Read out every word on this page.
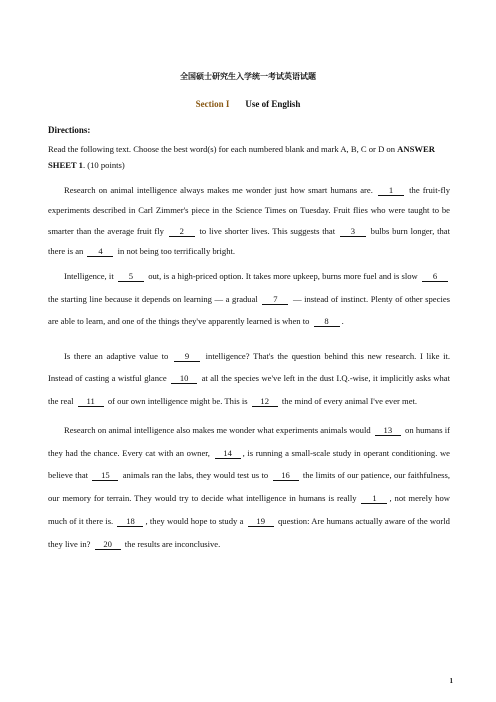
全国硕士研究生入学统一考试英语试题
Section I Use of English
Directions:
Read the following text. Choose the best word(s) for each numbered blank and mark A, B, C or D on ANSWER SHEET 1. (10 points)

Research on animal intelligence always makes me wonder just how smart humans are. 1 the fruit-fly experiments described in Carl Zimmer's piece in the Science Times on Tuesday. Fruit flies who were taught to be smarter than the average fruit fly 2 to live shorter lives. This suggests that 3 bulbs burn longer, that there is an 4 in not being too terrifically bright.

Intelligence, it 5 out, is a high-priced option. It takes more upkeep, burns more fuel and is slow 6 the starting line because it depends on learning — a gradual 7 — instead of instinct. Plenty of other species are able to learn, and one of the things they've apparently learned is when to 8 .

Is there an adaptive value to 9 intelligence? That's the question behind this new research. I like it. Instead of casting a wistful glance 10 at all the species we've left in the dust I.Q.-wise, it implicitly asks what the real 11 of our own intelligence might be. This is 12 the mind of every animal I've ever met.

Research on animal intelligence also makes me wonder what experiments animals would 13 on humans if they had the chance. Every cat with an owner, 14 , is running a small-scale study in operant conditioning. we believe that 15 animals ran the labs, they would test us to 16 the limits of our patience, our faithfulness, our memory for terrain. They would try to decide what intelligence in humans is really 1 , not merely how much of it there is. 18 , they would hope to study a 19 question: Are humans actually aware of the world they live in? 20 the results are inconclusive.

1
